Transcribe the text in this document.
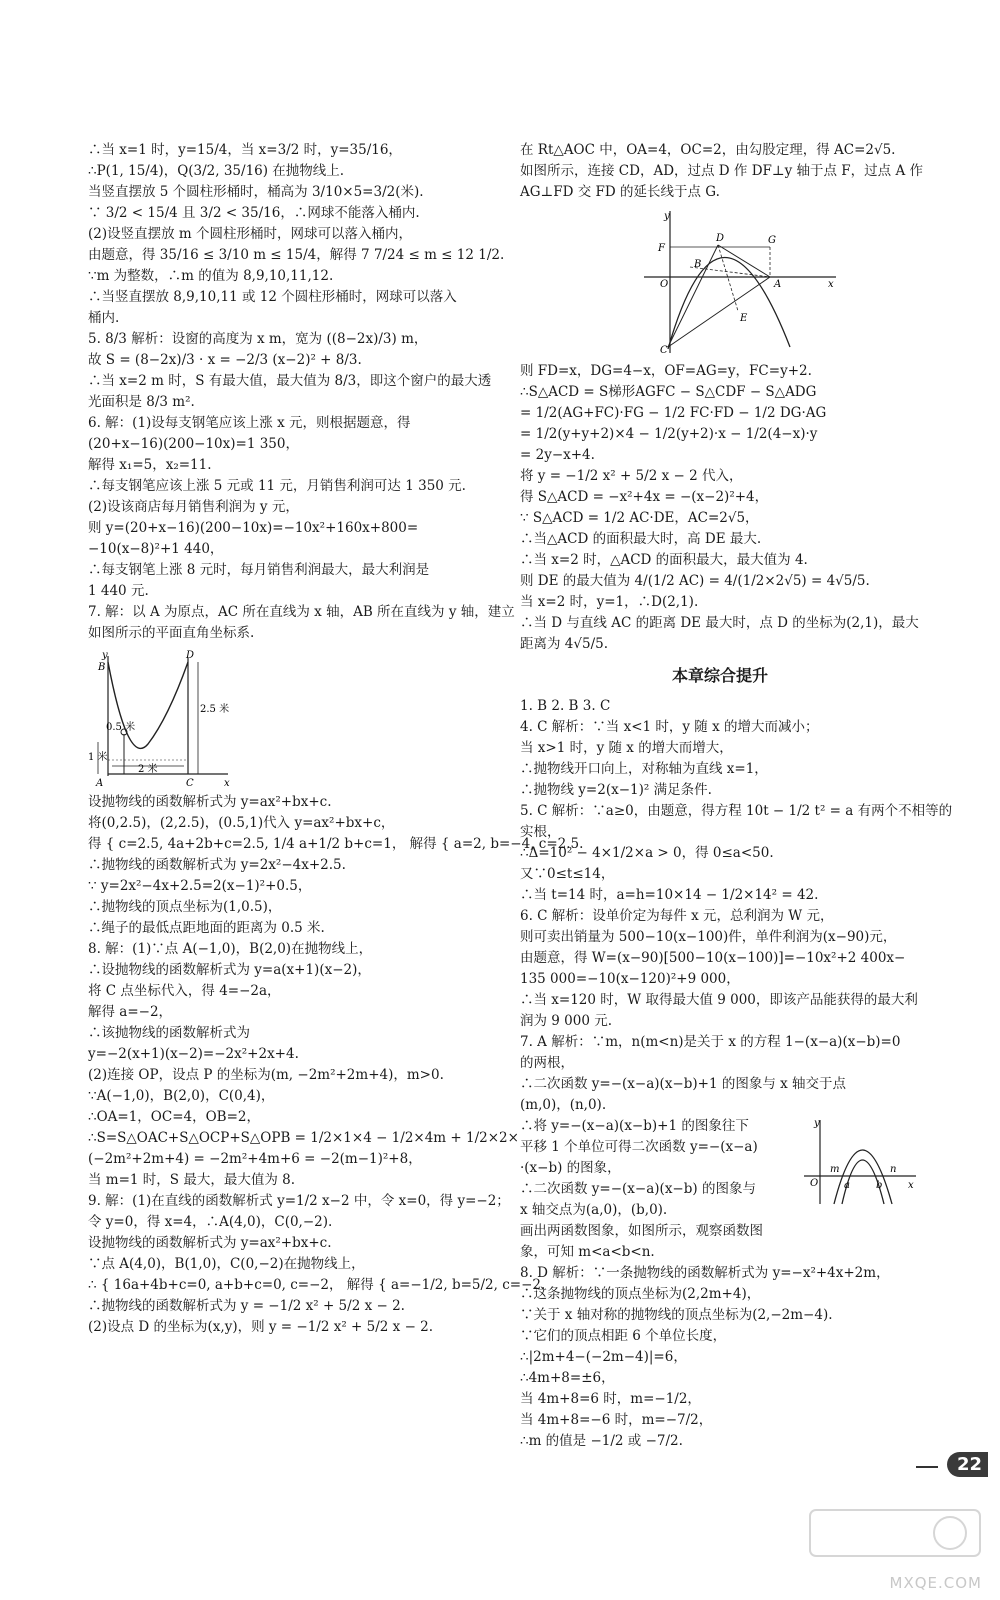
∴当 x=1 时，y=15/4，当 x=3/2 时，y=35/16，
∴P(1, 15/4)，Q(3/2, 35/16) 在抛物线上.
当竖直摆放 5 个圆柱形桶时，桶高为 3/10×5=3/2(米).
∵ 3/2 < 15/4 且 3/2 < 35/16，∴网球不能落入桶内.
(2)设竖直摆放 m 个圆柱形桶时，网球可以落入桶内，
由题意，得 35/16 ≤ 3/10 m ≤ 15/4，解得 7 7/24 ≤ m ≤ 12 1/2.
∵m 为整数，∴m 的值为 8,9,10,11,12.
∴当竖直摆放 8,9,10,11 或 12 个圆柱形桶时，网球可以落入
桶内.
5. 8/3 解析：设窗的高度为 x m，宽为 ((8−2x)/3) m，
故 S = (8−2x)/3 · x = −2/3 (x−2)² + 8/3.
∴当 x=2 m 时，S 有最大值，最大值为 8/3，即这个窗户的最大透
光面积是 8/3 m².
6. 解：(1)设每支钢笔应该上涨 x 元，则根据题意，得
(20+x−16)(200−10x)=1 350，
解得 x₁=5，x₂=11.
∴每支钢笔应该上涨 5 元或 11 元，月销售利润可达 1 350 元.
(2)设该商店每月销售利润为 y 元，
则 y=(20+x−16)(200−10x)=−10x²+160x+800=
−10(x−8)²+1 440，
∴每支钢笔上涨 8 元时，每月销售利润最大，最大利润是
1 440 元.
7. 解：以 A 为原点，AC 所在直线为 x 轴，AB 所在直线为 y 轴，建立
如图所示的平面直角坐标系.
y
B
D
2.5 米
0.5 米
1 米
A
2 米
C	x
设抛物线的函数解析式为 y=ax²+bx+c.
将(0,2.5)，(2,2.5)，(0.5,1)代入 y=ax²+bx+c，
得 { c=2.5, 4a+2b+c=2.5, 1/4 a+1/2 b+c=1， 解得 { a=2, b=−4, c=2.5.
∴抛物线的函数解析式为 y=2x²−4x+2.5.
∵ y=2x²−4x+2.5=2(x−1)²+0.5，
∴抛物线的顶点坐标为(1,0.5)，
∴绳子的最低点距地面的距离为 0.5 米.
8. 解：(1)∵点 A(−1,0)，B(2,0)在抛物线上，
∴设抛物线的函数解析式为 y=a(x+1)(x−2)，
将 C 点坐标代入，得 4=−2a，
解得 a=−2，
∴该抛物线的函数解析式为
y=−2(x+1)(x−2)=−2x²+2x+4.
(2)连接 OP，设点 P 的坐标为(m, −2m²+2m+4)，m>0.
∵A(−1,0)，B(2,0)，C(0,4)，
∴OA=1，OC=4，OB=2，
∴S=S△OAC+S△OCP+S△OPB = 1/2×1×4 − 1/2×4m + 1/2×2×
(−2m²+2m+4) = −2m²+4m+6 = −2(m−1)²+8，
当 m=1 时，S 最大，最大值为 8.
9. 解：(1)在直线的函数解析式 y=1/2 x−2 中，令 x=0，得 y=−2；
令 y=0，得 x=4，∴A(4,0)，C(0,−2).
设抛物线的函数解析式为 y=ax²+bx+c.
∵点 A(4,0)，B(1,0)，C(0,−2)在抛物线上，
∴ { 16a+4b+c=0, a+b+c=0, c=−2， 解得 { a=−1/2, b=5/2, c=−2.
∴抛物线的函数解析式为 y = −1/2 x² + 5/2 x − 2.
(2)设点 D 的坐标为(x,y)，则 y = −1/2 x² + 5/2 x − 2.
在 Rt△AOC 中，OA=4，OC=2，由勾股定理，得 AC=2√5.
如图所示，连接 CD，AD，过点 D 作 DF⊥y 轴于点 F，过点 A 作
AG⊥FD 交 FD 的延长线于点 G.
y
F
D	G
B
A	x
O
E
C
则 FD=x，DG=4−x，OF=AG=y，FC=y+2.
∴S△ACD = S梯形AGFC − S△CDF − S△ADG
= 1/2(AG+FC)·FG − 1/2 FC·FD − 1/2 DG·AG
= 1/2(y+y+2)×4 − 1/2(y+2)·x − 1/2(4−x)·y
= 2y−x+4.
将 y = −1/2 x² + 5/2 x − 2 代入，
得 S△ACD = −x²+4x = −(x−2)²+4，
∵ S△ACD = 1/2 AC·DE，AC=2√5，
∴当△ACD 的面积最大时，高 DE 最大.
∴当 x=2 时，△ACD 的面积最大，最大值为 4.
则 DE 的最大值为 4/(1/2 AC) = 4/(1/2×2√5) = 4√5/5.
当 x=2 时，y=1，∴D(2,1).
∴当 D 与直线 AC 的距离 DE 最大时，点 D 的坐标为(2,1)，最大
距离为 4√5/5.
本章综合提升
1. B 2. B 3. C
4. C 解析：∵当 x<1 时，y 随 x 的增大而减小；
当 x>1 时，y 随 x 的增大而增大，
∴抛物线开口向上，对称轴为直线 x=1，
∴抛物线 y=2(x−1)² 满足条件.
5. C 解析：∵a≥0，由题意，得方程 10t − 1/2 t² = a 有两个不相等的
实根，
∴Δ=10² − 4×1/2×a > 0，得 0≤a<50.
又∵0≤t≤14，
∴当 t=14 时，a=h=10×14 − 1/2×14² = 42.
6. C 解析：设单价定为每件 x 元，总利润为 W 元，
则可卖出销量为 500−10(x−100)件，单件利润为(x−90)元，
由题意，得 W=(x−90)[500−10(x−100)]=−10x²+2 400x−
135 000=−10(x−120)²+9 000，
∴当 x=120 时，W 取得最大值 9 000，即该产品能获得的最大利
润为 9 000 元.
7. A 解析：∵m，n(m<n)是关于 x 的方程 1−(x−a)(x−b)=0
的两根，
∴二次函数 y=−(x−a)(x−b)+1 的图象与 x 轴交于点
(m,0)，(n,0).
∴将 y=−(x−a)(x−b)+1 的图象往下
平移 1 个单位可得二次函数 y=−(x−a)
·(x−b) 的图象，
∴二次函数 y=−(x−a)(x−b) 的图象与
x 轴交点为(a,0)，(b,0).
画出两函数图象，如图所示，观察函数图
象，可知 m<a<b<n.
y
O
m
a	b
n
x
8. D 解析：∵一条抛物线的函数解析式为 y=−x²+4x+2m，
∴这条抛物线的顶点坐标为(2,2m+4)，
∵关于 x 轴对称的抛物线的顶点坐标为(2,−2m−4).
∵它们的顶点相距 6 个单位长度，
∴|2m+4−(−2m−4)|=6，
∴4m+8=±6，
当 4m+8=6 时，m=−1/2，
当 4m+8=−6 时，m=−7/2，
∴m 的值是 −1/2 或 −7/2.
22
MXQE.COM
